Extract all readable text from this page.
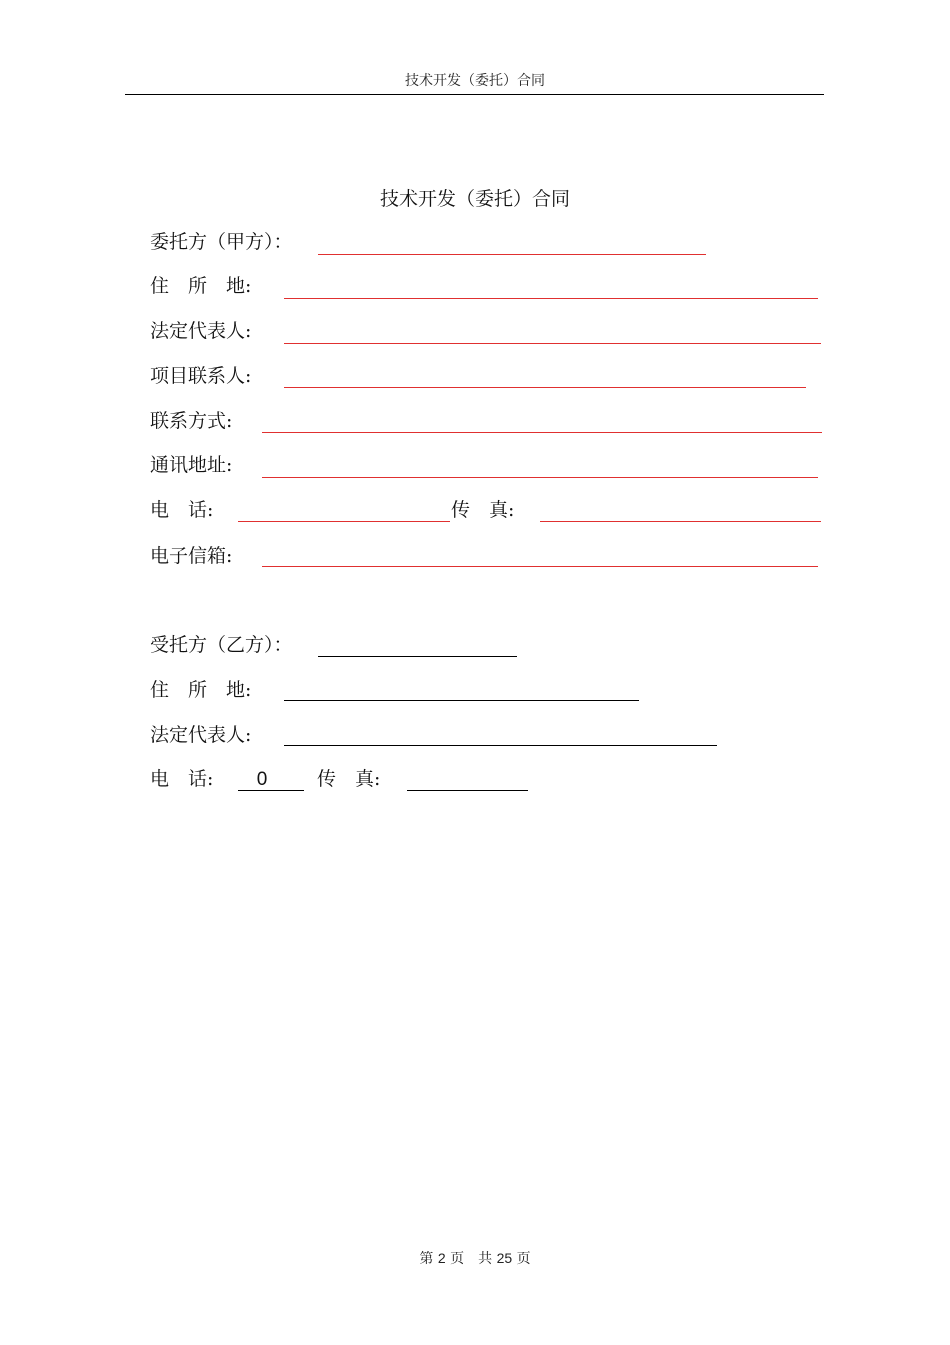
技术开发（委托）合同
技术开发（委托）合同
委托方（甲方）：
住　所　地:
法定代表人:
项目联系人:
联系方式:
通讯地址:
电　话:	传　真:
电子信箱:
受托方（乙方）：
住　所　地:
法定代表人:
电　话:	0	传　真:
第 2 页　共 25 页
